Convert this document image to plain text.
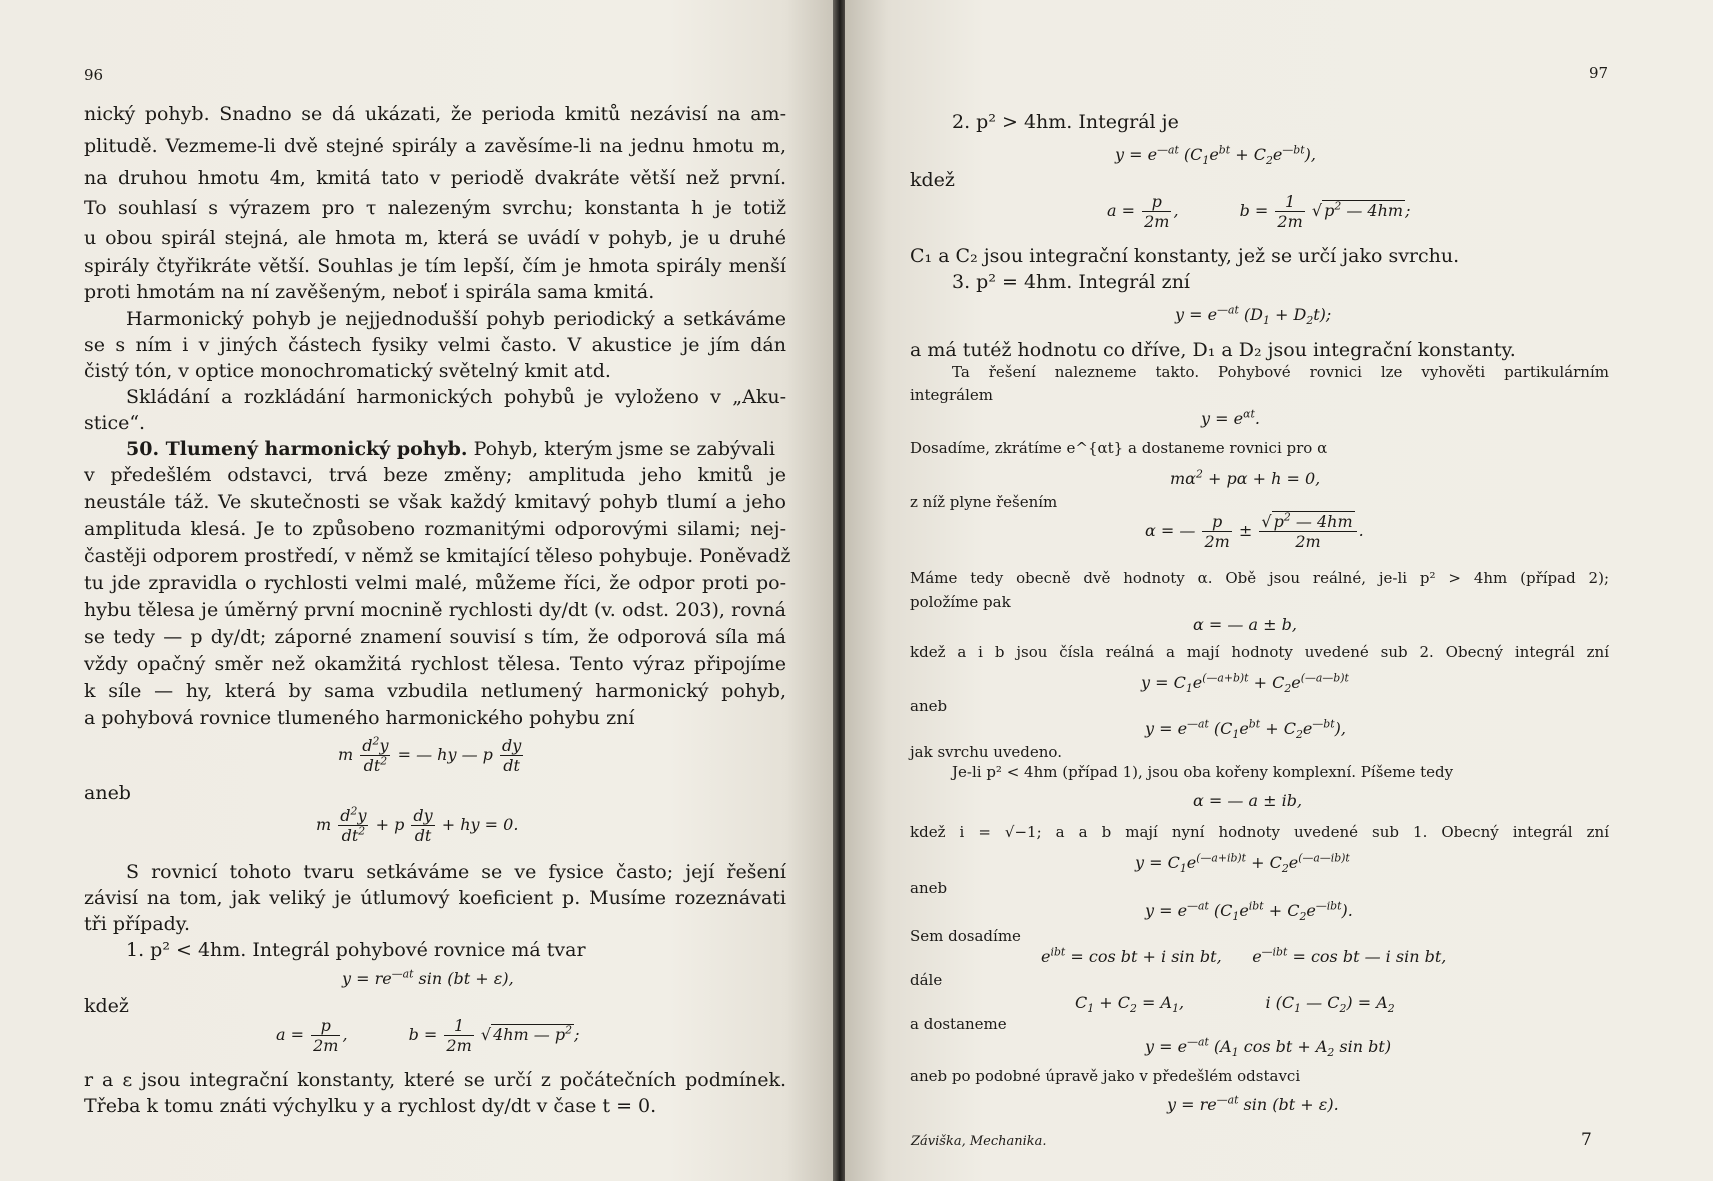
96
nický pohyb. Snadno se dá ukázati, že perioda kmitů nezávisí na am-
plitudě. Vezmeme-li dvě stejné spirály a zavěsíme-li na jednu hmotu m,
na druhou hmotu 4m, kmitá tato v periodě dvakráte větší než první.
To souhlasí s výrazem pro τ nalezeným svrchu; konstanta h je totiž
u obou spirál stejná, ale hmota m, která se uvádí v pohyb, je u druhé
spirály čtyřikráte větší. Souhlas je tím lepší, čím je hmota spirály menší
proti hmotám na ní zavěšeným, neboť i spirála sama kmitá.
Harmonický pohyb je nejjednodušší pohyb periodický a setkáváme
se s ním i v jiných částech fysiky velmi často. V akustice je jím dán
čistý tón, v optice monochromatický světelný kmit atd.
Skládání a rozkládání harmonických pohybů je vyloženo v „Aku-
stice“.
50. Tlumený harmonický pohyb. Pohyb, kterým jsme se zabývali
v předešlém odstavci, trvá beze změny; amplituda jeho kmitů je
neustále táž. Ve skutečnosti se však každý kmitavý pohyb tlumí a jeho
amplituda klesá. Je to způsobeno rozmanitými odporovými silami; nej-
častěji odporem prostředí, v němž se kmitající těleso pohybuje. Poněvadž
tu jde zpravidla o rychlosti velmi malé, můžeme říci, že odpor proti po-
hybu tělesa je úměrný první mocnině rychlosti dy/dt (v. odst. 203), rovná
se tedy — p dy/dt; záporné znamení souvisí s tím, že odporová síla má
vždy opačný směr než okamžitá rychlost tělesa. Tento výraz připojíme
k síle — hy, která by sama vzbudila netlumený harmonický pohyb,
a pohybová rovnice tlumeného harmonického pohybu zní
m $\frac{d^2y}{dt^2}$ = — hy — p $\frac{dy}{dt}$
aneb
m $\frac{d^2y}{dt^2} + p \frac{dy}{dt}$ + hy = 0.
S rovnicí tohoto tvaru setkáváme se ve fysice často; její řešení
závisí na tom, jak veliký je útlumový koeficient p. Musíme rozeznávati
tři případy.
1. p² < 4hm. Integrál pohybové rovnice má tvar
$y = re^{—at}$ sin (bt + ε),
kdež
$a = \frac{p}{2m}$ ,            $b = \frac{1}{2m}$ √ 4hm — $p^2$ ;
r a ε jsou integrační konstanty, které se určí z počátečních podmínek.
Třeba k tomu znáti výchylku y a rychlost dy/dt v čase t = 0.
97
2. p² > 4hm. Integrál je
$y = e^{—at}$ $(C_1e^{bt} + C_2e^{—bt})$,
kdež
$a = \frac{p}{2m}$ ,            $b = \frac{1}{2m}$ √ $p^2$ — 4hm ;
C₁ a C₂ jsou integrační konstanty, jež se určí jako svrchu.
3. p² = 4hm. Integrál zní
$y = e^{—at}$ $(D_1 + D_2t)$;
a má tutéž hodnotu co dříve, D₁ a D₂ jsou integrační konstanty.
Ta řešení nalezneme takto. Pohybové rovnici lze vyhověti partikulárním
integrálem
$y = e^{\alpha t}$.
Dosadíme, zkrátíme e^{αt} a dostaneme rovnici pro α
$m\alpha^2 + p\alpha + h = 0$,
z níž plyne řešením
α = — $\frac{p}{2m} \pm \frac{√ p^2 — 4hm}{2m}$ .
Máme tedy obecně dvě hodnoty α. Obě jsou reálné, je-li p² > 4hm (případ 2);
položíme pak
α = — a ± b,
kdež a i b jsou čísla reálná a mají hodnoty uvedené sub 2. Obecný integrál zní
$y = C_1e^{(—a+b)t} + C_2e^{(—a—b)t}$
aneb
$y = e^{—at}$ $(C_1e^{bt} + C_2e^{—bt})$,
jak svrchu uvedeno.
Je-li p² < 4hm (případ 1), jsou oba kořeny komplexní. Píšeme tedy
α = — a ± ib,
kdež i = √−1; a a b mají nyní hodnoty uvedené sub 1. Obecný integrál zní
$y = C_1e^{(—a+ib)t} + C_2e^{(—a—ib)t}$
aneb
$y = e^{—at}$ $(C_1e^{ibt} + C_2e^{—ibt})$.
Sem dosadíme
$e^{ibt} = \cos$ bt + i sin bt,      $e^{—ibt} = \cos$ bt — i sin bt,
dále
$C_1 + C_2 = A_1$,                i ($C_1$ — $C_2) = A_2$
a dostaneme
$y = e^{—at}$ ($A_1$ cos bt + $A_2$ sin bt)
aneb po podobné úpravě jako v předešlém odstavci
$y = re^{—at}$ sin (bt + ε).
Záviška, Mechanika.	7
